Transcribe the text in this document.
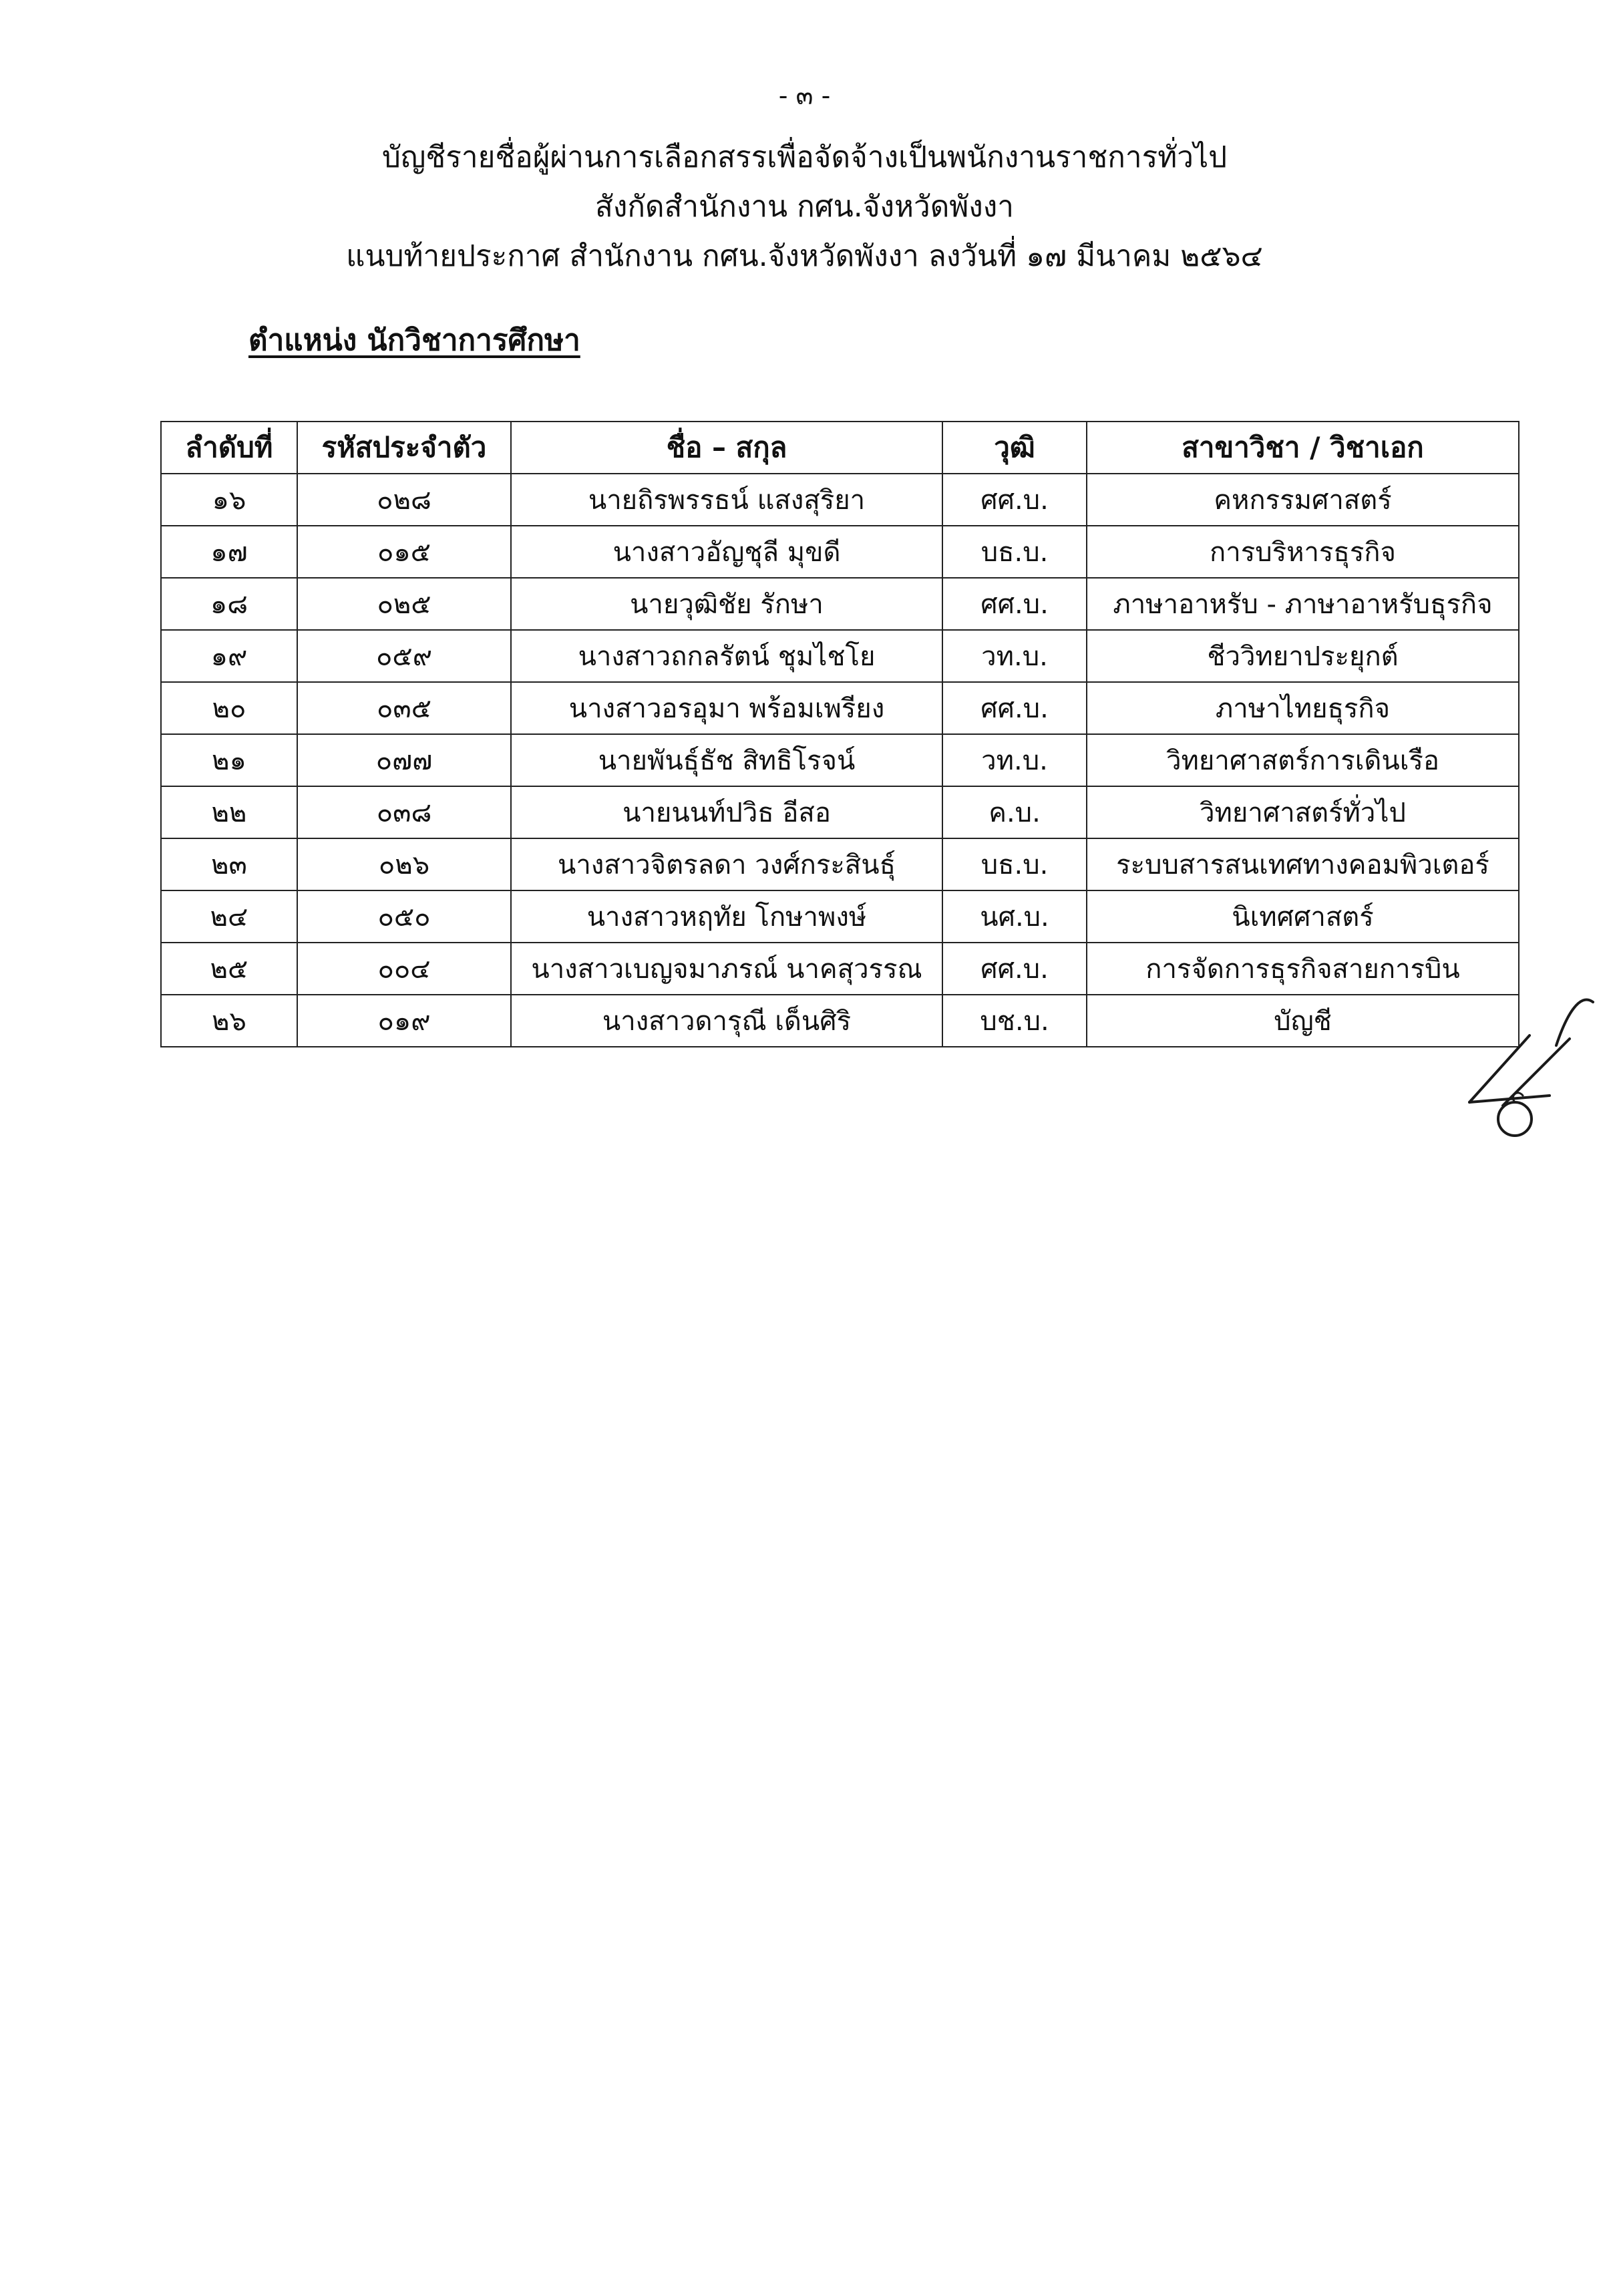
- ๓ -
บัญชีรายชื่อผู้ผ่านการเลือกสรรเพื่อจัดจ้างเป็นพนักงานราชการทั่วไป
สังกัดสำนักงาน กศน.จังหวัดพังงา
แนบท้ายประกาศ สำนักงาน กศน.จังหวัดพังงา ลงวันที่ ๑๗ มีนาคม ๒๕๖๔
ตำแหน่ง นักวิชาการศึกษา
ลำดับที่	รหัสประจำตัว	ชื่อ – สกุล	วุฒิ	สาขาวิชา / วิชาเอก
๑๖	๐๒๘	นายถิรพรรธน์ แสงสุริยา	ศศ.บ.	คหกรรมศาสตร์
๑๗	๐๑๕	นางสาวอัญชุลี มุขดี	บธ.บ.	การบริหารธุรกิจ
๑๘	๐๒๕	นายวุฒิชัย รักษา	ศศ.บ.	ภาษาอาหรับ - ภาษาอาหรับธุรกิจ
๑๙	๐๕๙	นางสาวถกลรัตน์ ชุมไชโย	วท.บ.	ชีววิทยาประยุกต์
๒๐	๐๓๕	นางสาวอรอุมา พร้อมเพรียง	ศศ.บ.	ภาษาไทยธุรกิจ
๒๑	๐๗๗	นายพันธุ์ธัช สิทธิโรจน์	วท.บ.	วิทยาศาสตร์การเดินเรือ
๒๒	๐๓๘	นายนนท์ปวิธ อีสอ	ค.บ.	วิทยาศาสตร์ทั่วไป
๒๓	๐๒๖	นางสาวจิตรลดา วงศ์กระสินธุ์	บธ.บ.	ระบบสารสนเทศทางคอมพิวเตอร์
๒๔	๐๕๐	นางสาวหฤทัย โกษาพงษ์	นศ.บ.	นิเทศศาสตร์
๒๕	๐๐๔	นางสาวเบญจมาภรณ์ นาคสุวรรณ	ศศ.บ.	การจัดการธุรกิจสายการบิน
๒๖	๐๑๙	นางสาวดารุณี เด็นศิริ	บช.บ.	บัญชี
